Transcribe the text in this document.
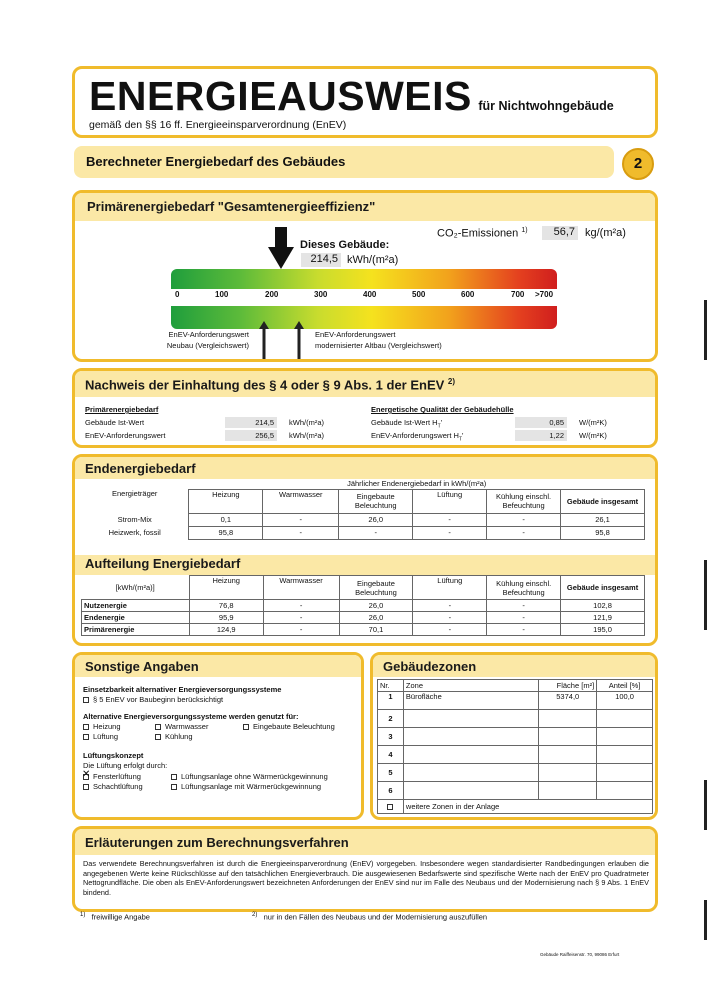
ENERGIEAUSWEIS für Nichtwohngebäude
gemäß den §§ 16 ff. Energieeinsparverordnung (EnEV)
Berechneter Energiebedarf des Gebäudes	2
Primärenergiebedarf "Gesamtenergieeffizienz"
CO₂-Emissionen $^{1)}$	56,7 kg/(m²a)
Dieses Gebäude:
214,5 kWh/(m²a)
0	100	200	300	400	500	600	700 >700
EnEV-Anforderungswert
Neubau (Vergleichswert)
EnEV-Anforderungswert
modernisierter Altbau (Vergleichswert)
Nachweis der Einhaltung des § 4 oder § 9 Abs. 1 der EnEV $^{2)}$
Primärenergiebedarf
Gebäude Ist-Wert	214,5	kWh/(m²a)
EnEV-Anforderungswert	256,5	kWh/(m²a)
Energetische Qualität der Gebäudehülle
Gebäude Ist-Wert $H_T'$	0,85	W/(m²K)
EnEV-Anforderungswert $H_T'$	1,22	W/(m²K)
Endenergiebedarf
	Jährlicher Endenergiebedarf in kWh/(m²a)					
Energieträger	Heizung	Warmwasser	Eingebaute Beleuchtung	Lüftung	Kühlung einschl. Befeuchtung	Gebäude insgesamt
Strom-Mix	0,1	-	26,0	-	-	26,1
Heizwerk, fossil	95,8	-	-	-	-	95,8
Aufteilung Energiebedarf
[kWh/(m²a)]	Heizung	Warmwasser	Eingebaute Beleuchtung	Lüftung	Kühlung einschl. Befeuchtung	Gebäude insgesamt
Nutzenergie	76,8	-	26,0	-	-	102,8
Endenergie	95,9	-	26,0	-	-	121,9
Primärenergie	124,9	-	70,1	-	-	195,0
Sonstige Angaben
Einsetzbarkeit alternativer Energieversorgungssysteme
§ 5 EnEV vor Baubeginn berücksichtigt
Alternative Energieversorgungssysteme werden genutzt für:
Heizung	Warmwasser	Eingebaute Beleuchtung
Lüftung	Kühlung
Lüftungskonzept
Die Lüftung erfolgt durch:
✕ Fensterlüftung	Lüftungsanlage ohne Wärmerückgewinnung
Schachtlüftung	Lüftungsanlage mit Wärmerückgewinnung
Gebäudezonen
Nr.	Zone	Fläche [m²]	Anteil [%]
1	Bürofläche	5374,0	100,0
2			
3			
4			
5			
6			
	weitere Zonen in der Anlage		
Erläuterungen zum Berechnungsverfahren
Das verwendete Berechnungsverfahren ist durch die Energieeinsparverordnung (EnEV) vorgegeben. Insbesondere wegen standardisierter Randbedingungen erlauben die angegebenen Werte keine Rückschlüsse auf den tatsächlichen Energieverbrauch. Die ausgewiesenen Bedarfswerte sind spezifische Werte nach der EnEV pro Quadratmeter Nettogrundfläche. Die oben als EnEV-Anforderungswert bezeichneten Anforderungen der EnEV sind nur im Falle des Neubaus und der Modernisierung nach § 9 Abs. 1 EnEV bindend.
$^{1)}$ freiwillige Angabe	$^{2)}$ nur in den Fällen des Neubaus und der Modernisierung auszufüllen
Gebäude Raiffeisenstr. 70, 99086 Erfurt
